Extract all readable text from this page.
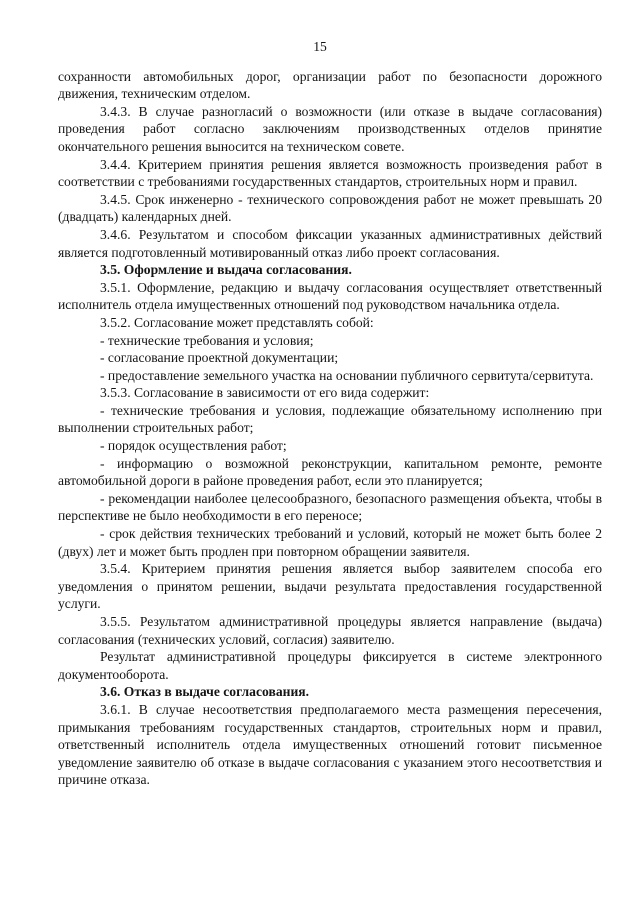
15

сохранности автомобильных дорог, организации работ по безопасности дорожного движения, техническим отделом.

3.4.3. В случае разногласий о возможности (или отказе в выдаче согласования) проведения работ согласно заключениям производственных отделов принятие окончательного решения выносится на техническом совете.

3.4.4. Критерием принятия решения является возможность произведения работ в соответствии с требованиями государственных стандартов, строительных норм и правил.

3.4.5. Срок инженерно - технического сопровождения работ не может превышать 20 (двадцать) календарных дней.

3.4.6. Результатом и способом фиксации указанных административных действий является подготовленный мотивированный отказ либо проект согласования.

3.5. Оформление и выдача согласования.

3.5.1. Оформление, редакцию и выдачу согласования осуществляет ответственный исполнитель отдела имущественных отношений под руководством начальника отдела.

3.5.2. Согласование может представлять собой:

- технические требования и условия;

- согласование проектной документации;

- предоставление земельного участка на основании публичного сервитута/сервитута.

3.5.3. Согласование в зависимости от его вида содержит:

- технические требования и условия, подлежащие обязательному исполнению при выполнении строительных работ;

- порядок осуществления работ;

- информацию о возможной реконструкции, капитальном ремонте, ремонте автомобильной дороги в районе проведения работ, если это планируется;

- рекомендации наиболее целесообразного, безопасного размещения объекта, чтобы в перспективе не было необходимости в его переносе;

- срок действия технических требований и условий, который не может быть более 2 (двух) лет и может быть продлен при повторном обращении заявителя.

3.5.4. Критерием принятия решения является выбор заявителем способа его уведомления о принятом решении, выдачи результата предоставления государственной услуги.

3.5.5. Результатом административной процедуры является направление (выдача) согласования (технических условий, согласия) заявителю.

Результат административной процедуры фиксируется в системе электронного документооборота.

3.6. Отказ в выдаче согласования.

3.6.1. В случае несоответствия предполагаемого места размещения пересечения, примыкания требованиям государственных стандартов, строительных норм и правил, ответственный исполнитель отдела имущественных отношений готовит письменное уведомление заявителю об отказе в выдаче согласования с указанием этого несоответствия и причине отказа.
